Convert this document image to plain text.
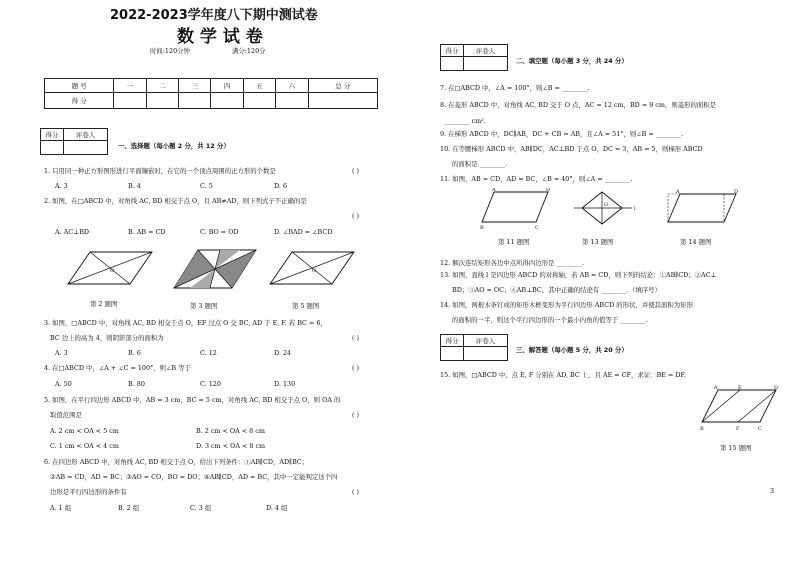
2022-2023学年度八下期中测试卷
数 学 试 卷
时间:120分钟	满分:120分
题 号	一	二	三	四	五	六	总 分
得 分							
得分	评卷人

一、选择题（每小题 2 分，共 12 分）
1. 只用同一种正方形图形进行平面镶嵌时，在它的一个顶点周围的正方形的个数是	( )
A. 3	B. 4	C. 5	D. 6
2. 如图，在□ABCD 中，对角线 AC, BD 相交于点 O，且 AB≠AD，则下列式子不正确的是
( )
A. AC⊥BD	B. AB = CD	C. BO = OD	D. ∠BAD = ∠BCD
O
第 2 题图	第 3 题图
O
第 5 题图
3. 如图，□ABCD 中，对角线 AC, BD 相交于点 O，EF 过点 O 交 BC, AD 于 E, F. 若 BC = 6，
BC 边上的高为 4，则阴影部分的面积为	( )
A. 3	B. 6	C. 12	D. 24
4. 在□ABCD 中，∠A + ∠C = 100°，则∠B 等于	( )
A. 50	B. 80	C. 120	D. 130
5. 如图，在平行四边形 ABCD 中，AB = 3 cm，BC = 5 cm，对角线 AC, BD 相交于点 O，则 OA 的
取值范围是	( )
A. 2 cm < OA < 5 cm	B. 2 cm < OA < 8 cm
C. 1 cm < OA < 4 cm	D. 3 cm < OA < 8 cm
6. 在四边形 ABCD 中，对角线 AC, BD 相交于点 O，给出下列条件：①AB∥CD，AD∥BC；
②AB = CD，AD = BC；③AO = CO，BO = DO；④AB∥CD，AD = BC，其中一定能判定这个四
边形是平行四边形的条件有	( )
A. 1 组	B. 2 组	C. 3 组	D. 4 组
得分	评卷人

二、填空题（每小题 3 分，共 24 分）
7. 在□ABCD 中，∠A = 100°，则∠B = ________.
8. 在菱形 ABCD 中，对角线 AC, BD 交于 O 点，AC = 12 cm，BD = 9 cm，则菱形的面积是
________ cm².
9. 在梯形 ABCD 中，DC∥AB，DC + CB = AB，且∠A = 51°，则∠B = ________.
10. 在等腰梯形 ABCD 中，AB∥DC，AC⊥BD 于点 O，DC = 3，AB = 5，则梯形 ABCD
的面积是 ________.
11. 如图，AB = CD，AD = BC，∠B = 40°，则∠A = ________.
A	D
B	C
第 11 题图
l
O
第 13 题图
A	D
第 14 题图
12. 顺次连结矩形各边中点所得四边形是 ________.
13. 如图，直线 l 是四边形 ABCD 的对称轴，若 AB = CD，则下列的结论：①AB∥CD；②AC⊥
BD；③AO = OC；④AB⊥BC，其中正确的结论有 ________.（填序号）
14. 如图，两根木条钉成的矩形木框变形为平行四边形 ABCD 的形状，并使其面积为矩形
的面积的一半，则这个平行四边形的一个最小内角的值等于 ________.
得分	评卷人

三、解答题（每小题 5 分，共 20 分）
15. 如图，□ABCD 中，点 E, F 分别在 AD, BC 上，且 AE = CF，求证：BE = DF.
A	E	D
B	F	C
第 15 题图
3
